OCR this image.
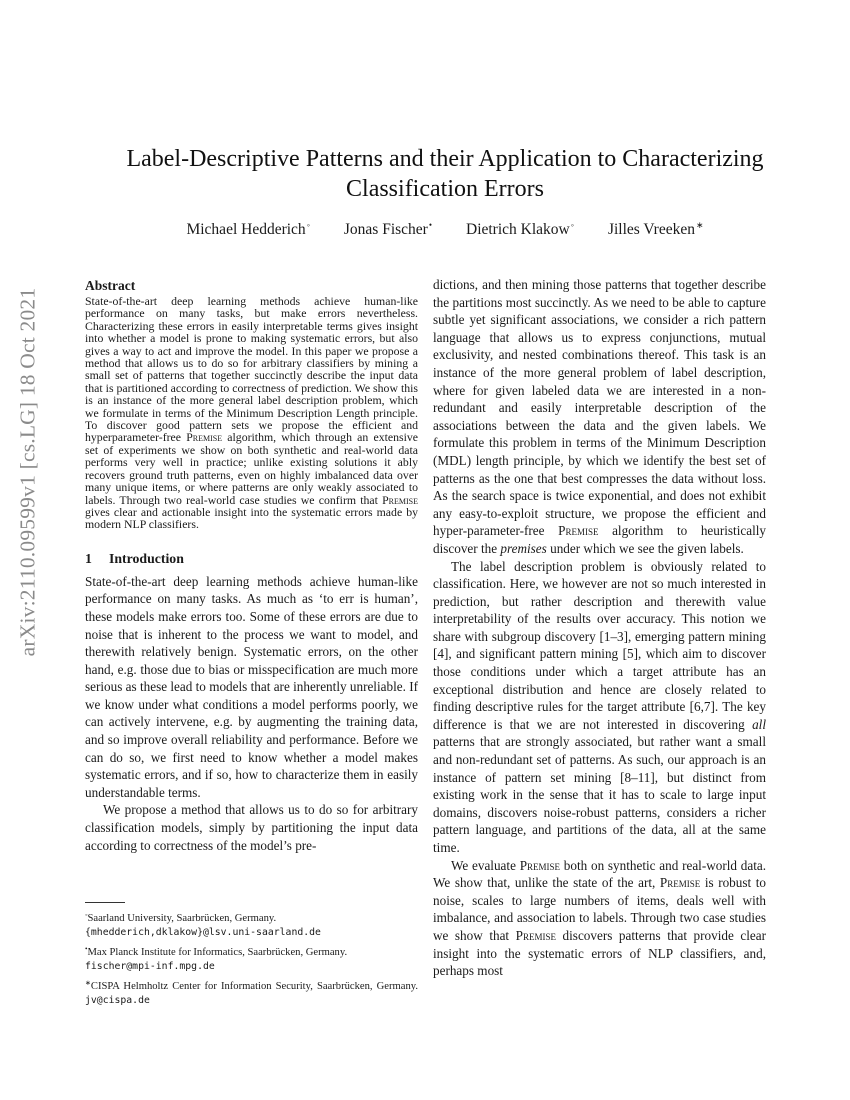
arXiv:2110.09599v1 [cs.LG] 18 Oct 2021
Label-Descriptive Patterns and their Application to Characterizing
Classification Errors
Michael Hedderich◦ Jonas Fischer• Dietrich Klakow◦ Jilles Vreeken∗
Abstract

State-of-the-art deep learning methods achieve human-like performance on many tasks, but make errors nevertheless. Characterizing these errors in easily interpretable terms gives insight into whether a model is prone to making systematic errors, but also gives a way to act and improve the model. In this paper we propose a method that allows us to do so for arbitrary classifiers by mining a small set of patterns that together succinctly describe the input data that is partitioned according to correctness of prediction. We show this is an instance of the more general label description problem, which we formulate in terms of the Minimum Description Length principle. To discover good pattern sets we propose the efficient and hyperparameter-free Premise algorithm, which through an extensive set of experiments we show on both synthetic and real-world data performs very well in practice; unlike existing solutions it ably recovers ground truth patterns, even on highly imbalanced data over many unique items, or where patterns are only weakly associated to labels. Through two real-world case studies we confirm that Premise gives clear and actionable insight into the systematic errors made by modern NLP classifiers.

1 Introduction

State-of-the-art deep learning methods achieve human-like performance on many tasks. As much as ‘to err is human’, these models make errors too. Some of these errors are due to noise that is inherent to the process we want to model, and therewith relatively benign. Systematic errors, on the other hand, e.g. those due to bias or misspecification are much more serious as these lead to models that are inherently unreliable. If we know under what conditions a model performs poorly, we can actively intervene, e.g. by augmenting the training data, and so improve overall reliability and performance. Before we can do so, we first need to know whether a model makes systematic errors, and if so, how to characterize them in easily understandable terms.

We propose a method that allows us to do so for arbitrary classification models, simply by partitioning the input data according to correctness of the model’s pre-

dictions, and then mining those patterns that together describe the partitions most succinctly. As we need to be able to capture subtle yet significant associations, we consider a rich pattern language that allows us to express conjunctions, mutual exclusivity, and nested combinations thereof. This task is an instance of the more general problem of label description, where for given labeled data we are interested in a non-redundant and easily interpretable description of the associations between the data and the given labels. We formulate this problem in terms of the Minimum Description (MDL) length principle, by which we identify the best set of patterns as the one that best compresses the data without loss. As the search space is twice exponential, and does not exhibit any easy-to-exploit structure, we propose the efficient and hyper-parameter-free Premise algorithm to heuristically discover the premises under which we see the given labels.

The label description problem is obviously related to classification. Here, we however are not so much interested in prediction, but rather description and therewith value interpretability of the results over accuracy. This notion we share with subgroup discovery [1–3], emerging pattern mining [4], and significant pattern mining [5], which aim to discover those conditions under which a target attribute has an exceptional distribution and hence are closely related to finding descriptive rules for the target attribute [6,7]. The key difference is that we are not interested in discovering all patterns that are strongly associated, but rather want a small and non-redundant set of patterns. As such, our approach is an instance of pattern set mining [8–11], but distinct from existing work in the sense that it has to scale to large input domains, discovers noise-robust patterns, considers a richer pattern language, and partitions of the data, all at the same time.

We evaluate Premise both on synthetic and real-world data. We show that, unlike the state of the art, Premise is robust to noise, scales to large numbers of items, deals well with imbalance, and association to labels. Through two case studies we show that Premise discovers patterns that provide clear insight into the systematic errors of NLP classifiers, and, perhaps most

◦Saarland University, Saarbrücken, Germany.
{mhedderich,dklakow}@lsv.uni-saarland.de

•Max Planck Institute for Informatics, Saarbrücken, Germany.
fischer@mpi-inf.mpg.de

∗CISPA Helmholtz Center for Information Security, Saarbrücken, Germany. jv@cispa.de
